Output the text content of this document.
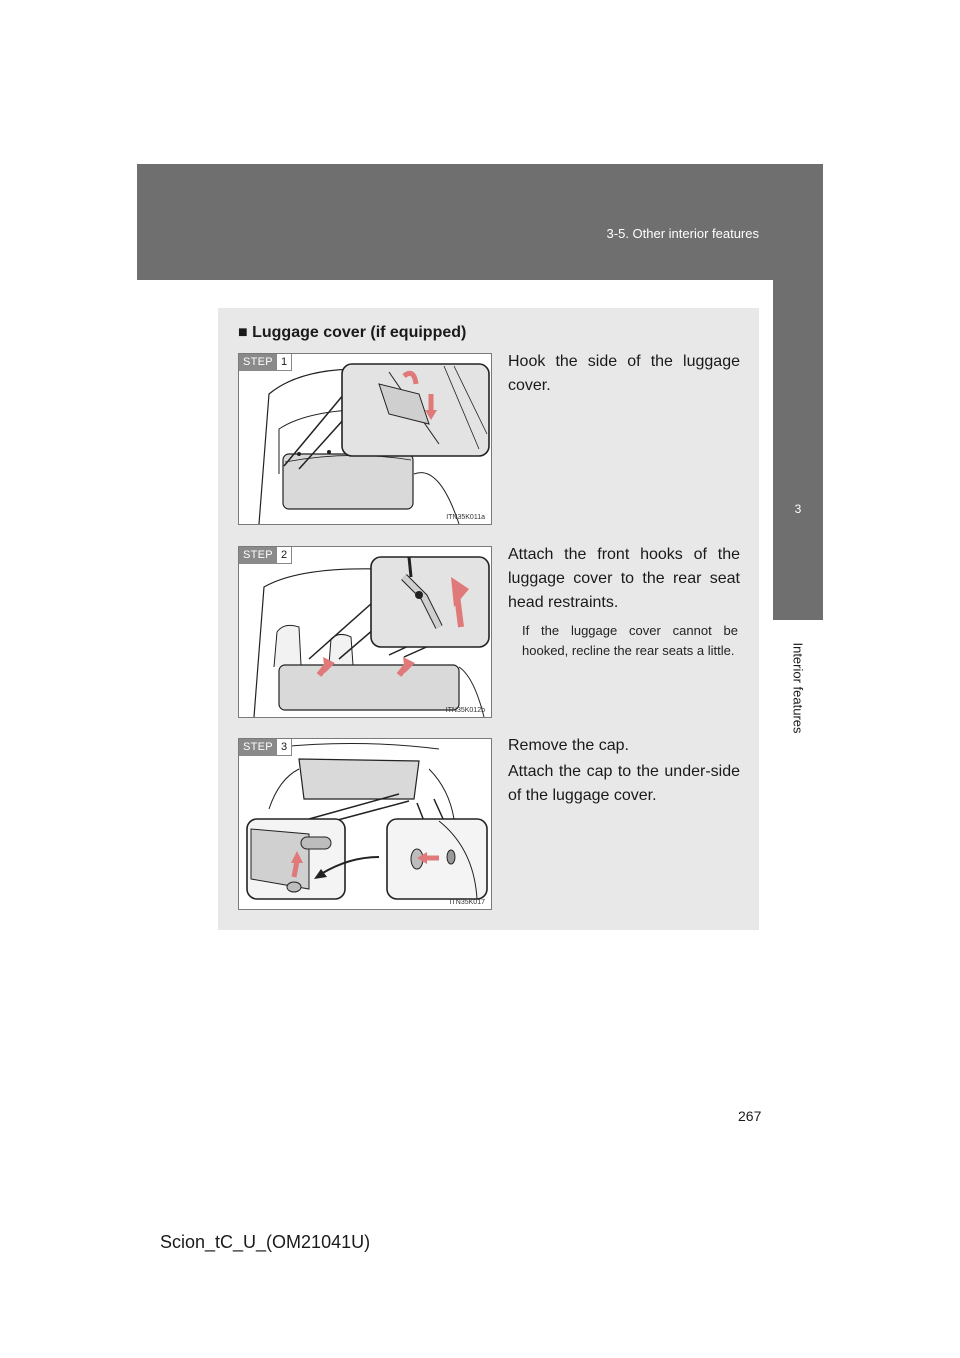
3-5. Other interior features
3
Interior features
■ Luggage cover (if equipped)
STEP 1
ITN35K011a
Hook the side of the luggage cover.
STEP 2
ITN35K012b
Attach the front hooks of the luggage cover to the rear seat head restraints.
If the luggage cover cannot be hooked, recline the rear seats a little.
STEP 3
ITN35K017
Remove the cap.
Attach the cap to the under-side of the luggage cover.
267
Scion_tC_U_(OM21041U)
